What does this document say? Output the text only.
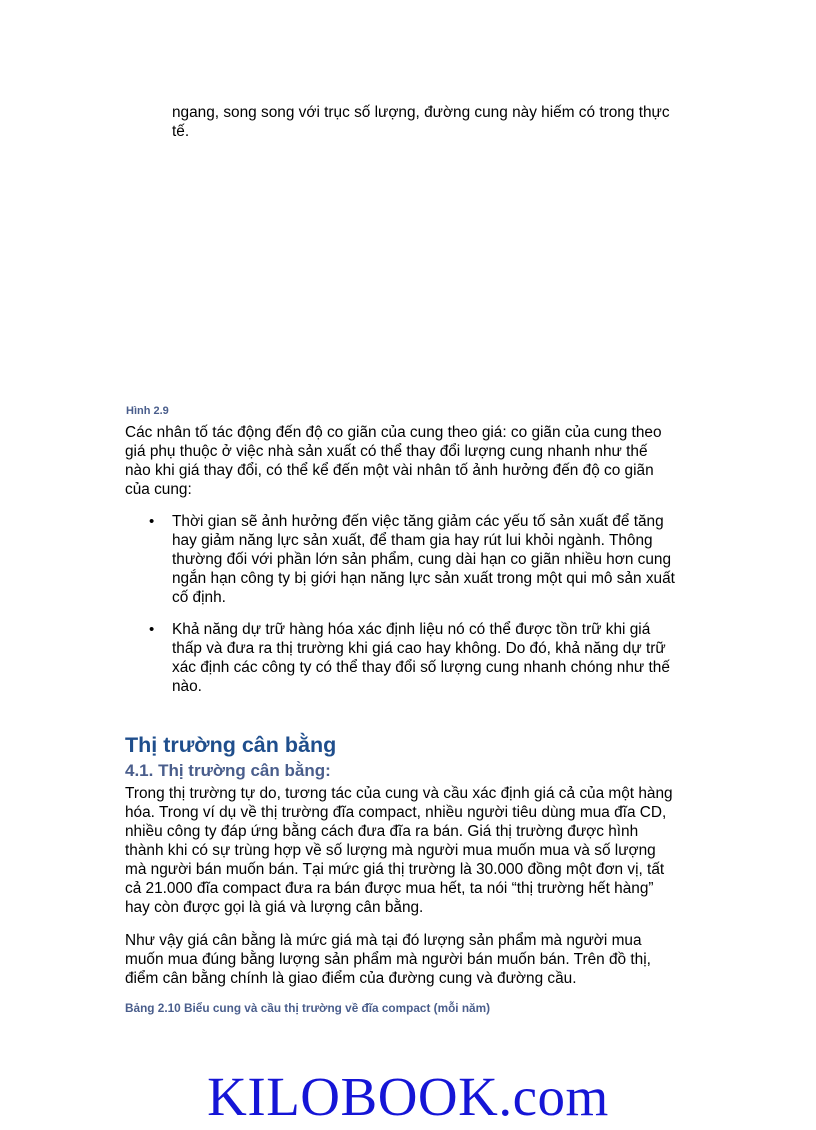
ngang, song song với trục số lượng, đường cung này hiếm có trong thực
tế.

Hình 2.9

Các nhân tố tác động đến độ co giãn của cung theo giá: co giãn của cung theo
giá phụ thuộc ở việc nhà sản xuất có thể thay đổi lượng cung nhanh như thế
nào khi giá thay đổi, có thể kể đến một vài nhân tố ảnh hưởng đến độ co giãn
của cung:

• Thời gian sẽ ảnh hưởng đến việc tăng giảm các yếu tố sản xuất để tăng
hay giảm năng lực sản xuất, để tham gia hay rút lui khỏi ngành. Thông
thường đối với phần lớn sản phẩm, cung dài hạn co giãn nhiều hơn cung
ngắn hạn công ty bị giới hạn năng lực sản xuất trong một qui mô sản xuất
cố định.
• Khả năng dự trữ hàng hóa xác định liệu nó có thể được tồn trữ khi giá
thấp và đưa ra thị trường khi giá cao hay không. Do đó, khả năng dự trữ
xác định các công ty có thể thay đổi số lượng cung nhanh chóng như thế
nào.
Thị trường cân bằng
4.1. Thị trường cân bằng:

Trong thị trường tự do, tương tác của cung và cầu xác định giá cả của một hàng
hóa. Trong ví dụ về thị trường đĩa compact, nhiều người tiêu dùng mua đĩa CD,
nhiều công ty đáp ứng bằng cách đưa đĩa ra bán. Giá thị trường được hình
thành khi có sự trùng hợp về số lượng mà người mua muốn mua và số lượng
mà người bán muốn bán. Tại mức giá thị trường là 30.000 đồng một đơn vị, tất
cả 21.000 đĩa compact đưa ra bán được mua hết, ta nói “thị trường hết hàng”
hay còn được gọi là giá và lượng cân bằng.

Như vậy giá cân bằng là mức giá mà tại đó lượng sản phẩm mà người mua
muốn mua đúng bằng lượng sản phẩm mà người bán muốn bán. Trên đồ thị,
điểm cân bằng chính là giao điểm của đường cung và đường cầu.

Bảng 2.10 Biểu cung và cầu thị trường về đĩa compact (mỗi năm)
KILOBOOK.com
